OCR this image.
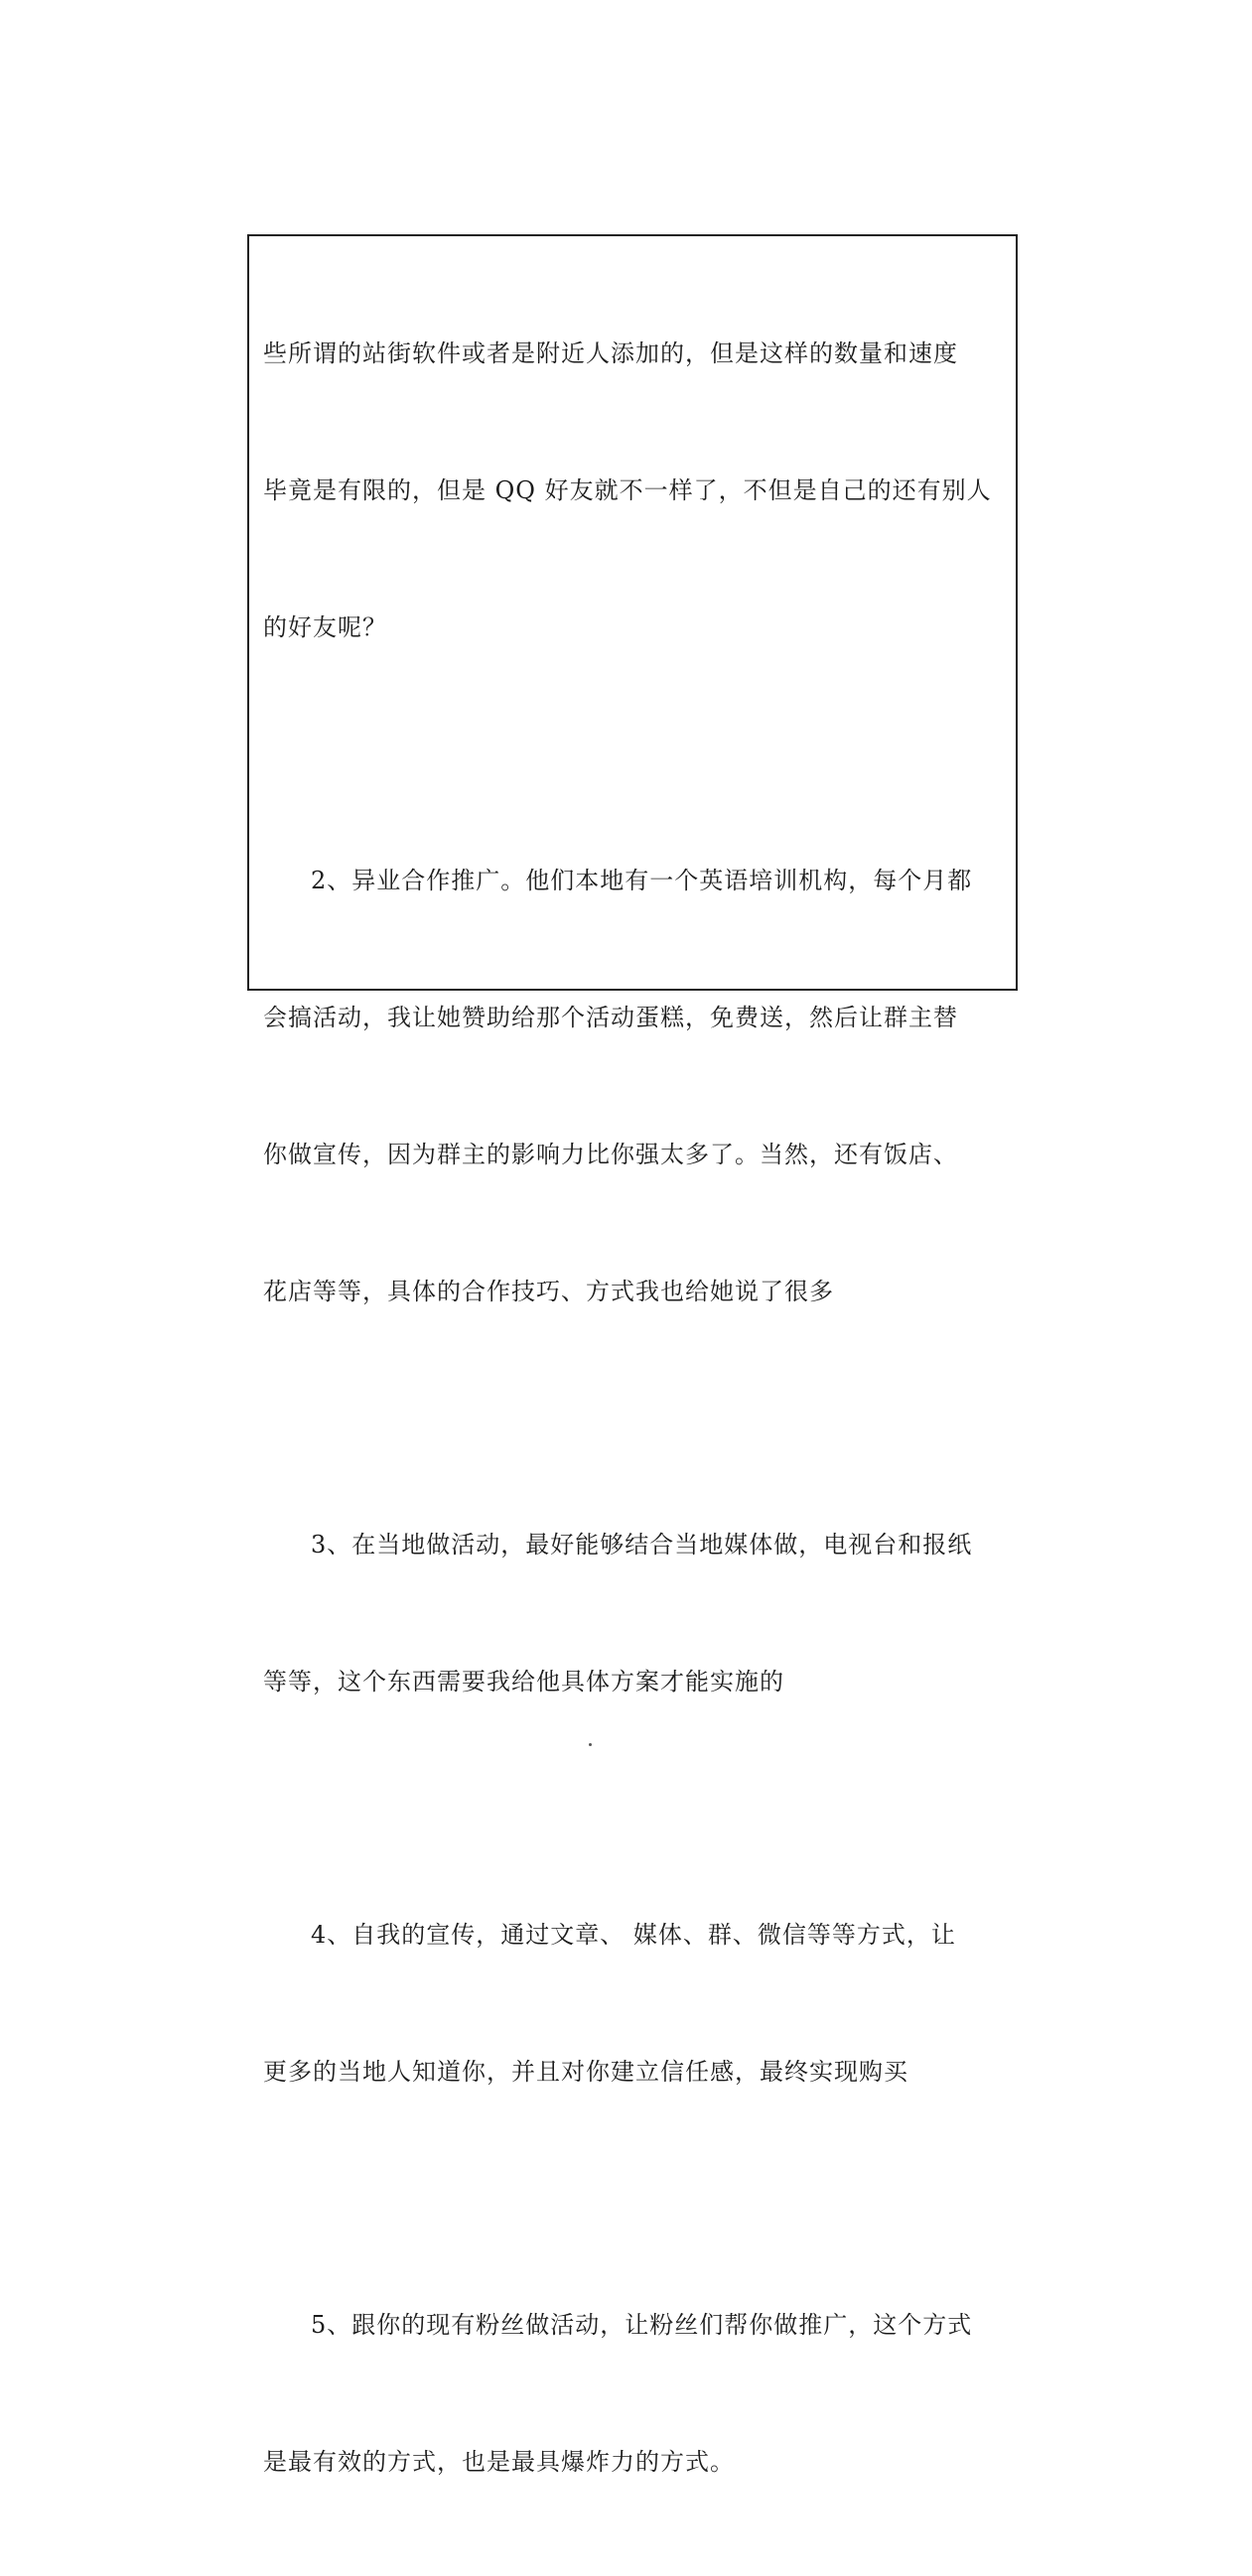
些所谓的站街软件或者是附近人添加的，但是这样的数量和速度

毕竟是有限的，但是 QQ 好友就不一样了，不但是自己的还有别人

的好友呢？

2、异业合作推广。他们本地有一个英语培训机构，每个月都

会搞活动，我让她赞助给那个活动蛋糕，免费送，然后让群主替

你做宣传，因为群主的影响力比你强太多了。当然，还有饭店、

花店等等，具体的合作技巧、方式我也给她说了很多

3、在当地做活动，最好能够结合当地媒体做，电视台和报纸

等等，这个东西需要我给他具体方案才能实施的

4、自我的宣传，通过文章、 媒体、群、微信等等方式，让

更多的当地人知道你，并且对你建立信任感，最终实现购买

5、跟你的现有粉丝做活动，让粉丝们帮你做推广，这个方式

是最有效的方式，也是最具爆炸力的方式。
